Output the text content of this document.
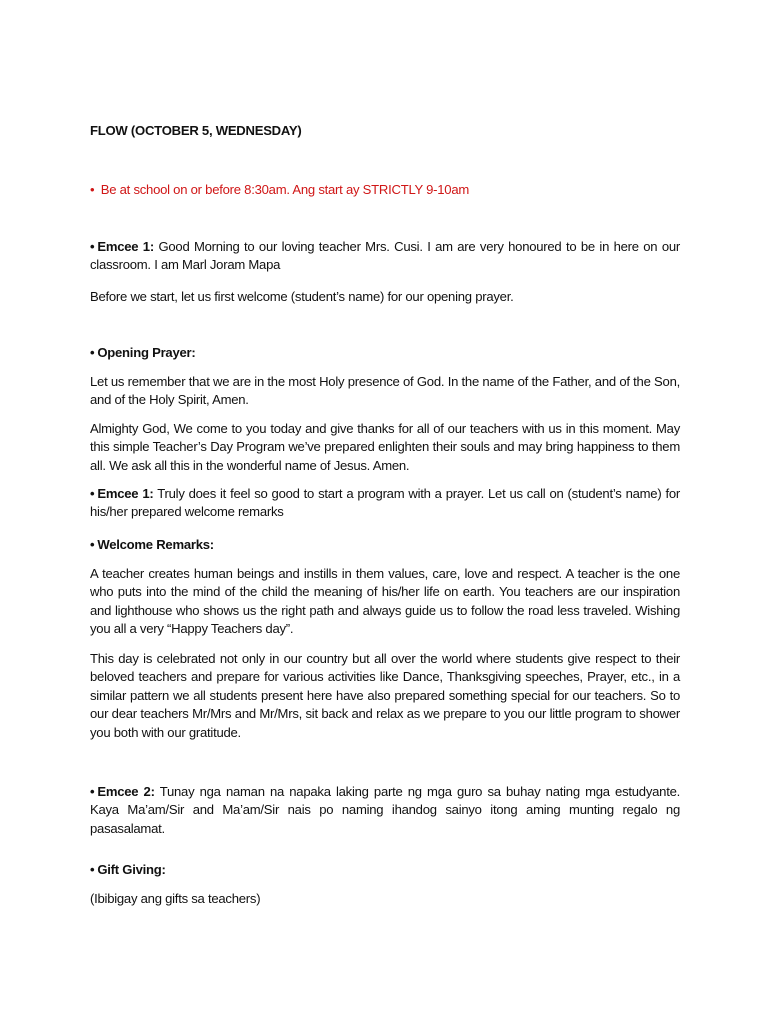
FLOW (OCTOBER 5, WEDNESDAY)

• Be at school on or before 8:30am. Ang start ay STRICTLY 9-10am

• Emcee 1: Good Morning to our loving teacher Mrs. Cusi. I am are very honoured to be in here on our classroom. I am Marl Joram Mapa

Before we start, let us first welcome (student’s name) for our opening prayer.

• Opening Prayer:

Let us remember that we are in the most Holy presence of God. In the name of the Father, and of the Son, and of the Holy Spirit, Amen.

Almighty God, We come to you today and give thanks for all of our teachers with us in this moment. May this simple Teacher’s Day Program we’ve prepared enlighten their souls and may bring happiness to them all. We ask all this in the wonderful name of Jesus. Amen.

• Emcee 1: Truly does it feel so good to start a program with a prayer. Let us call on (student’s name) for his/her prepared welcome remarks

• Welcome Remarks:

A teacher creates human beings and instills in them values, care, love and respect. A teacher is the one who puts into the mind of the child the meaning of his/her life on earth. You teachers are our inspiration and lighthouse who shows us the right path and always guide us to follow the road less traveled. Wishing you all a very “Happy Teachers day”.

This day is celebrated not only in our country but all over the world where students give respect to their beloved teachers and prepare for various activities like Dance, Thanksgiving speeches, Prayer, etc., in a similar pattern we all students present here have also prepared something special for our teachers. So to our dear teachers Mr/Mrs and Mr/Mrs, sit back and relax as we prepare to you our little program to shower you both with our gratitude.

• Emcee 2: Tunay nga naman na napaka laking parte ng mga guro sa buhay nating mga estudyante. Kaya Ma’am/Sir and Ma’am/Sir nais po naming ihandog sainyo itong aming munting regalo ng pasasalamat.

• Gift Giving:

(Ibibigay ang gifts sa teachers)
